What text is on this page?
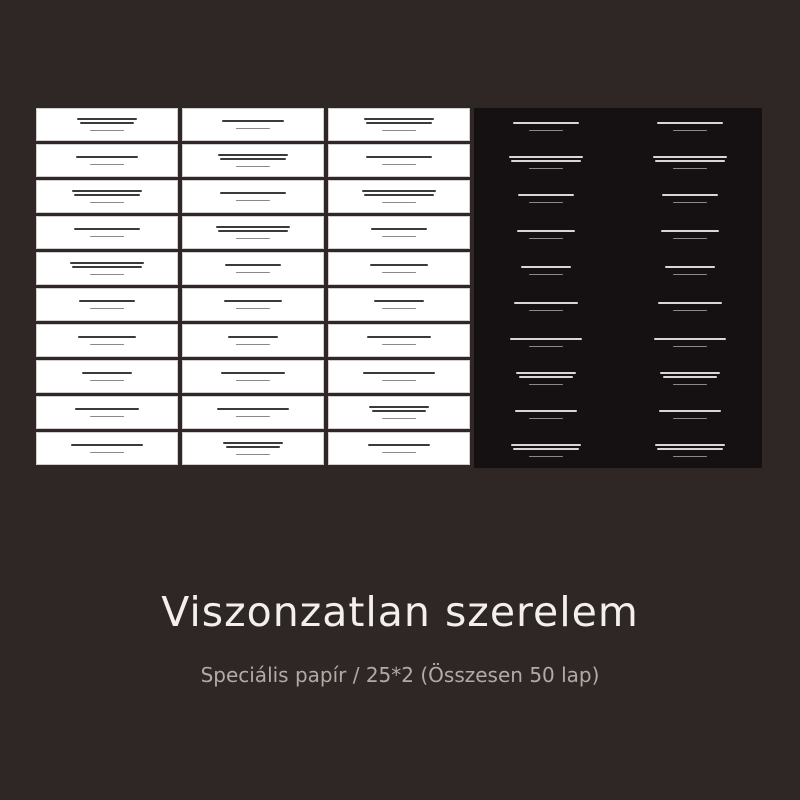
Viszonzatlan szerelem

Speciális papír / 25*2 (Összesen 50 lap)
